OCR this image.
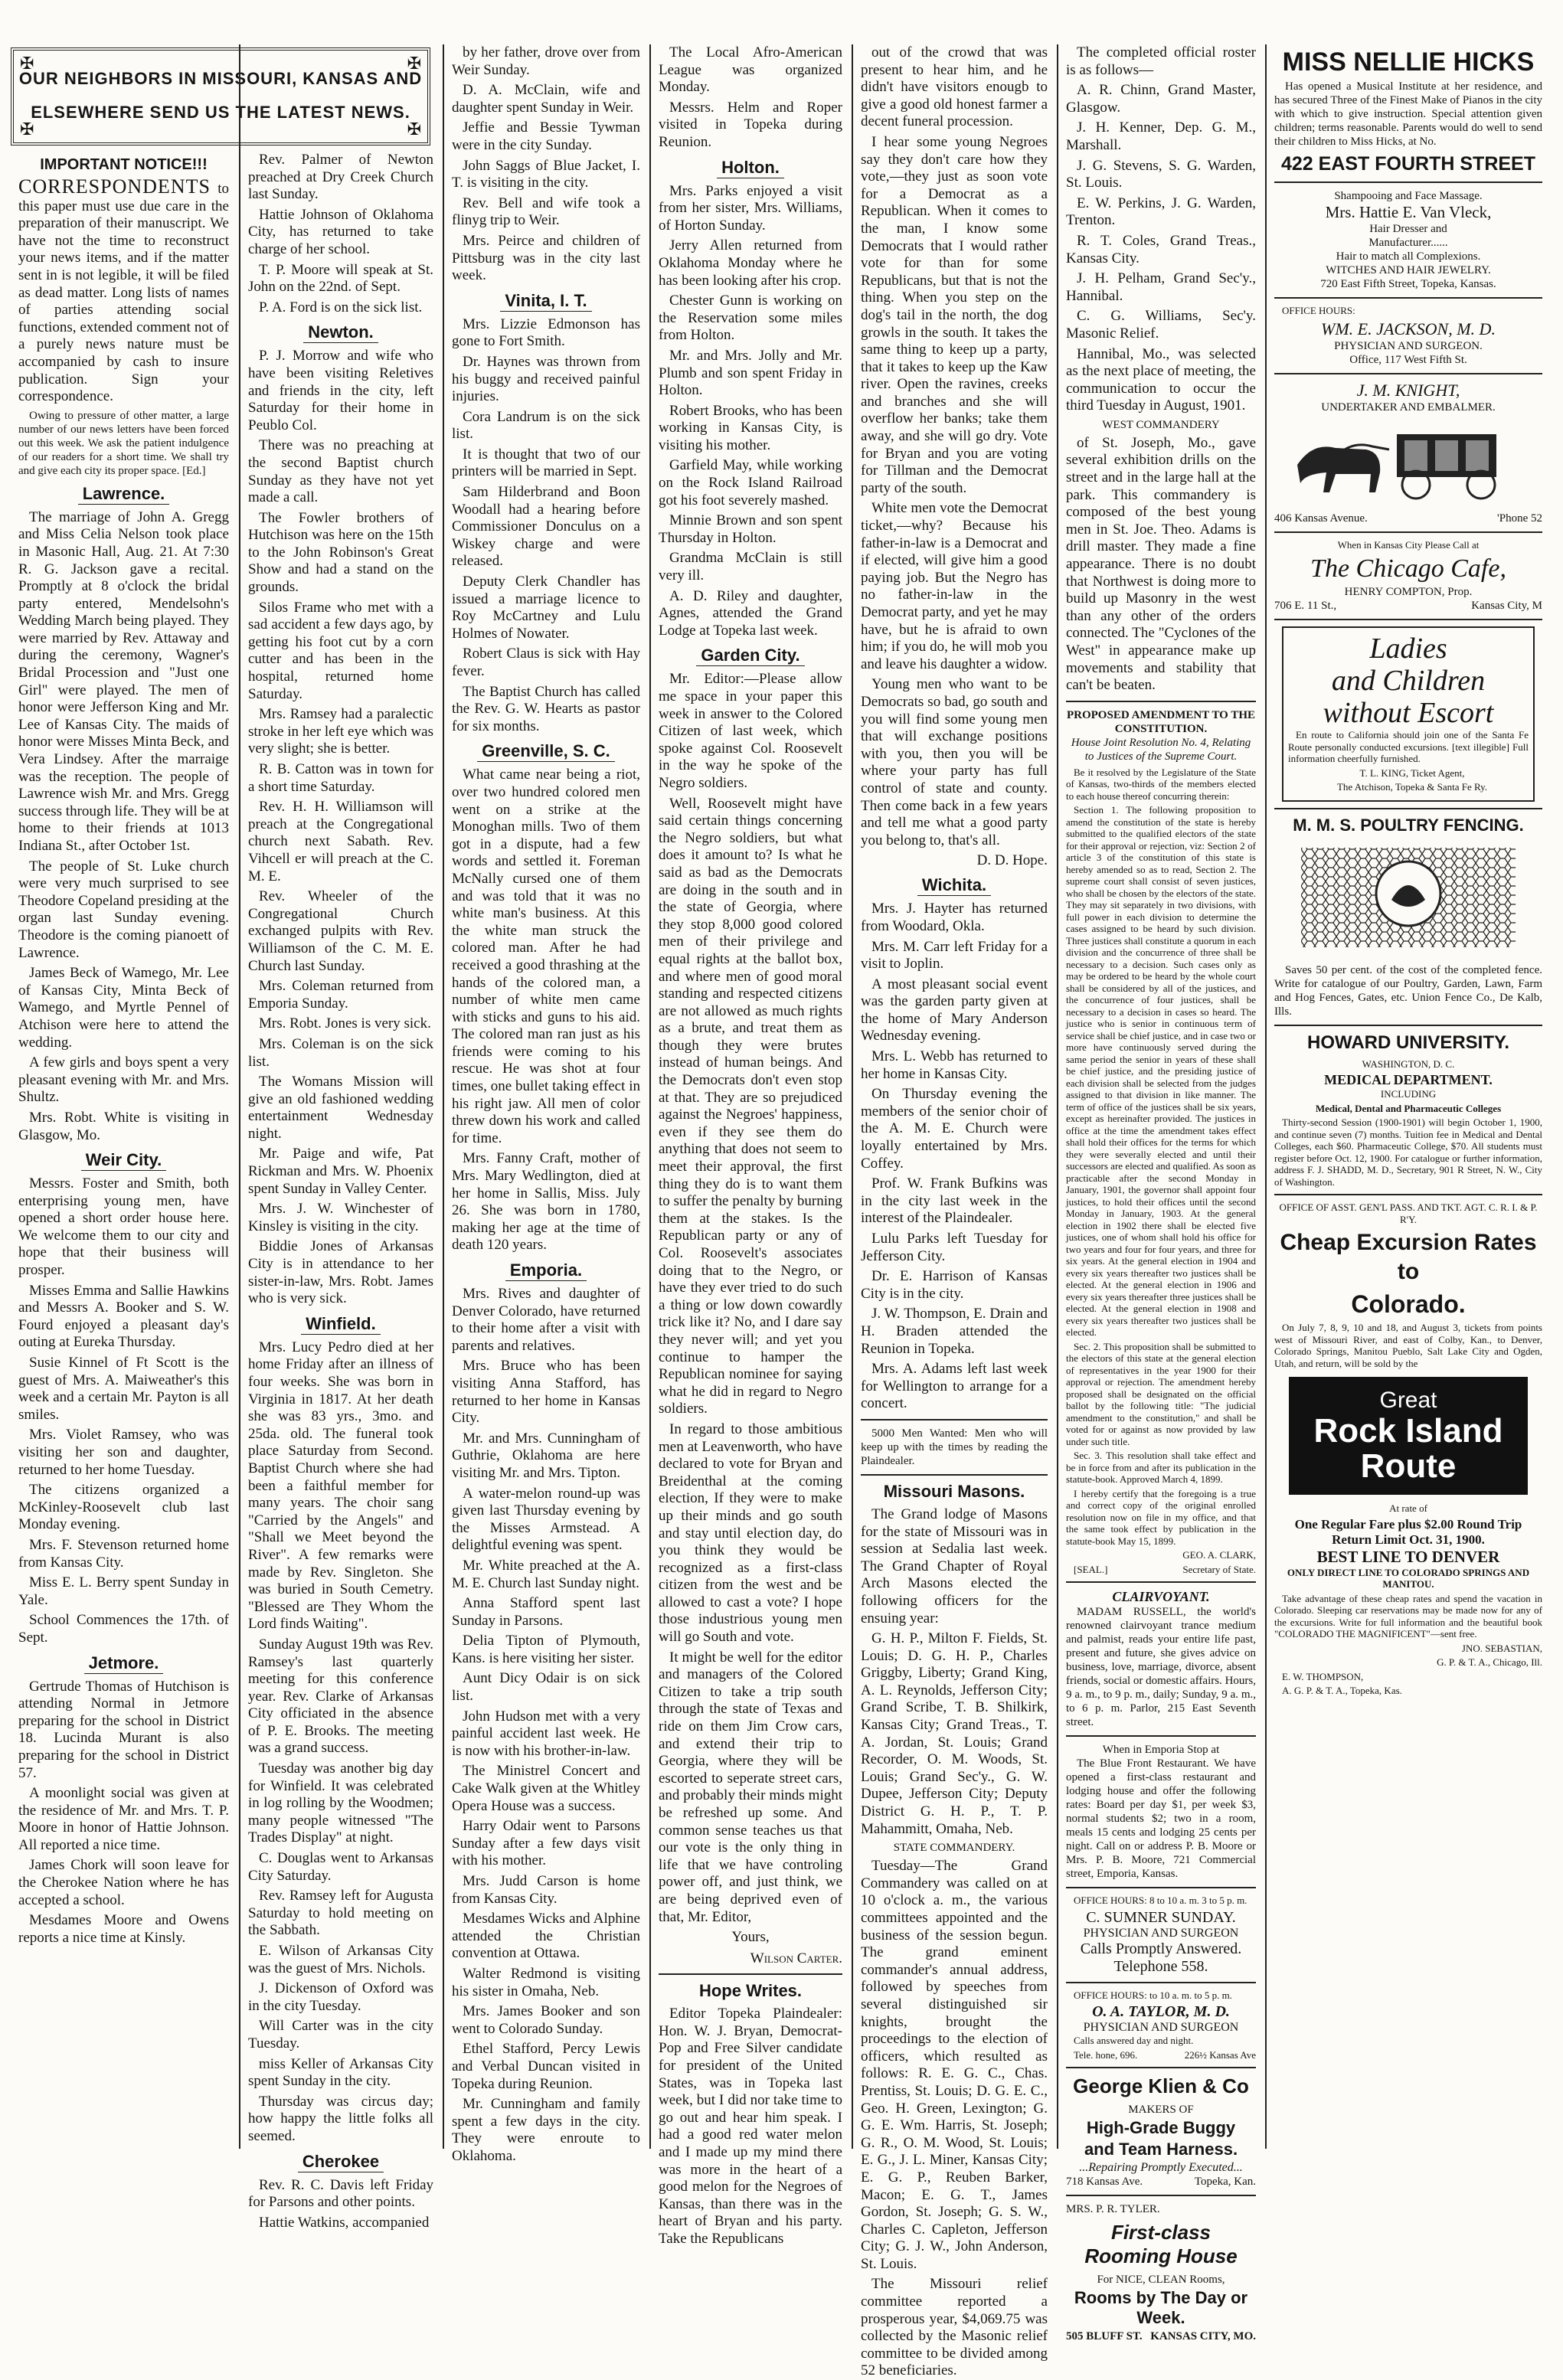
✠	✠
✠	✠
OUR NEIGHBORS IN MISSOURI, KANSAS AND
ELSEWHERE SEND US THE LATEST NEWS.
IMPORTANT NOTICE!!!

CORRESPONDENTS to this paper must use due care in the preparation of their manuscript. We have not the time to reconstruct your news items, and if the matter sent in is not legible, it will be filed as dead matter. Long lists of names of parties attending social functions, extended comment not of a purely news nature must be accompanied by cash to insure publication. Sign your correspondence.

Owing to pressure of other matter, a large number of our news letters have been forced out this week. We ask the patient indulgence of our readers for a short time. We shall try and give each city its proper space. [Ed.]

Lawrence.

The marriage of John A. Gregg and Miss Celia Nelson took place in Masonic Hall, Aug. 21. At 7:30 R. G. Jackson gave a recital. Promptly at 8 o'clock the bridal party entered, Mendelsohn's Wedding March being played. They were married by Rev. Attaway and during the ceremony, Wagner's Bridal Procession and "Just one Girl" were played. The men of honor were Jefferson King and Mr. Lee of Kansas City. The maids of honor were Misses Minta Beck, and Vera Lindsey. After the marraige was the reception. The people of Lawrence wish Mr. and Mrs. Gregg success through life. They will be at home to their friends at 1013 Indiana St., after October 1st.

The people of St. Luke church were very much surprised to see Theodore Copeland presiding at the organ last Sunday evening. Theodore is the coming pianoett of Lawrence.

James Beck of Wamego, Mr. Lee of Kansas City, Minta Beck of Wamego, and Myrtle Pennel of Atchison were here to attend the wedding.

A few girls and boys spent a very pleasant evening with Mr. and Mrs. Shultz.

Mrs. Robt. White is visiting in Glasgow, Mo.

Weir City.

Messrs. Foster and Smith, both enterprising young men, have opened a short order house here. We welcome them to our city and hope that their business will prosper.

Misses Emma and Sallie Hawkins and Messrs A. Booker and S. W. Fourd enjoyed a pleasant day's outing at Eureka Thursday.

Susie Kinnel of Ft Scott is the guest of Mrs. A. Maiweather's this week and a certain Mr. Payton is all smiles.

Mrs. Violet Ramsey, who was visiting her son and daughter, returned to her home Tuesday.

The citizens organized a McKinley-Roosevelt club last Monday evening.

Mrs. F. Stevenson returned home from Kansas City.

Miss E. L. Berry spent Sunday in Yale.

School Commences the 17th. of Sept.

Jetmore.

Gertrude Thomas of Hutchison is attending Normal in Jetmore preparing for the school in District 18. Lucinda Murant is also preparing for the school in District 57.

A moonlight social was given at the residence of Mr. and Mrs. T. P. Moore in honor of Hattie Johnson. All reported a nice time.

James Chork will soon leave for the Cherokee Nation where he has accepted a school.

Mesdames Moore and Owens reports a nice time at Kinsly.

Rev. Palmer of Newton preached at Dry Creek Church last Sunday.

Hattie Johnson of Oklahoma City, has returned to take charge of her school.

T. P. Moore will speak at St. John on the 22nd. of Sept.

P. A. Ford is on the sick list.

Newton.

P. J. Morrow and wife who have been visiting Reletives and friends in the city, left Saturday for their home in Peublo Col.

There was no preaching at the second Baptist church Sunday as they have not yet made a call.

The Fowler brothers of Hutchison was here on the 15th to the John Robinson's Great Show and had a stand on the grounds.

Silos Frame who met with a sad accident a few days ago, by getting his foot cut by a corn cutter and has been in the hospital, returned home Saturday.

Mrs. Ramsey had a paralectic stroke in her left eye which was very slight; she is better.

R. B. Catton was in town for a short time Saturday.

Rev. H. H. Williamson will preach at the Congregational church next Sabath. Rev. Vihcell er will preach at the C. M. E.

Rev. Wheeler of the Congregational Church exchanged pulpits with Rev. Williamson of the C. M. E. Church last Sunday.

Mrs. Coleman returned from Emporia Sunday.

Mrs. Robt. Jones is very sick.

Mrs. Coleman is on the sick list.

The Womans Mission will give an old fashioned wedding entertainment Wednesday night.

Mr. Paige and wife, Pat Rickman and Mrs. W. Phoenix spent Sunday in Valley Center.

Mrs. J. W. Winchester of Kinsley is visiting in the city.

Biddie Jones of Arkansas City is in attendance to her sister-in-law, Mrs. Robt. James who is very sick.

Winfield.

Mrs. Lucy Pedro died at her home Friday after an illness of four weeks. She was born in Virginia in 1817. At her death she was 83 yrs., 3mo. and 25da. old. The funeral took place Saturday from Second. Baptist Church where she had been a faithful member for many years. The choir sang "Carried by the Angels" and "Shall we Meet beyond the River". A few remarks were made by Rev. Singleton. She was buried in South Cemetry. "Blessed are They Whom the Lord finds Waiting".

Sunday August 19th was Rev. Ramsey's last quarterly meeting for this conference year. Rev. Clarke of Arkansas City officiated in the absence of P. E. Brooks. The meeting was a grand success.

Tuesday was another big day for Winfield. It was celebrated in log rolling by the Woodmen; many people witnessed "The Trades Display" at night.

C. Douglas went to Arkansas City Saturday.

Rev. Ramsey left for Augusta Saturday to hold meeting on the Sabbath.

E. Wilson of Arkansas City was the guest of Mrs. Nichols.

J. Dickenson of Oxford was in the city Tuesday.

Will Carter was in the city Tuesday.

miss Keller of Arkansas City spent Sunday in the city.

Thursday was circus day; how happy the little folks all seemed.

Cherokee

Rev. R. C. Davis left Friday for Parsons and other points.

Hattie Watkins, accompanied

by her father, drove over from Weir Sunday.

D. A. McClain, wife and daughter spent Sunday in Weir.

Jeffie and Bessie Tywman were in the city Sunday.

John Saggs of Blue Jacket, I. T. is visiting in the city.

Rev. Bell and wife took a flinyg trip to Weir.

Mrs. Peirce and children of Pittsburg was in the city last week.

Vinita, I. T.

Mrs. Lizzie Edmonson has gone to Fort Smith.

Dr. Haynes was thrown from his buggy and received painful injuries.

Cora Landrum is on the sick list.

It is thought that two of our printers will be married in Sept.

Sam Hilderbrand and Boon Woodall had a hearing before Commissioner Donculus on a Wiskey charge and were released.

Deputy Clerk Chandler has issued a marriage licence to Roy McCartney and Lulu Holmes of Nowater.

Robert Claus is sick with Hay fever.

The Baptist Church has called the Rev. G. W. Hearts as pastor for six months.

Greenville, S. C.

What came near being a riot, over two hundred colored men went on a strike at the Monoghan mills. Two of them got in a dispute, had a few words and settled it. Foreman McNally cursed one of them and was told that it was no white man's business. At this the white man struck the colored man. After he had received a good thrashing at the hands of the colored man, a number of white men came with sticks and guns to his aid. The colored man ran just as his friends were coming to his rescue. He was shot at four times, one bullet taking effect in his right jaw. All men of color threw down his work and called for time.

Mrs. Fanny Craft, mother of Mrs. Mary Wedlington, died at her home in Sallis, Miss. July 26. She was born in 1780, making her age at the time of death 120 years.

Emporia.

Mrs. Rives and daughter of Denver Colorado, have returned to their home after a visit with parents and relatives.

Mrs. Bruce who has been visiting Anna Stafford, has returned to her home in Kansas City.

Mr. and Mrs. Cunningham of Guthrie, Oklahoma are here visiting Mr. and Mrs. Tipton.

A water-melon round-up was given last Thursday evening by the Misses Armstead. A delightful evening was spent.

Mr. White preached at the A. M. E. Church last Sunday night.

Anna Stafford spent last Sunday in Parsons.

Delia Tipton of Plymouth, Kans. is here visiting her sister.

Aunt Dicy Odair is on sick list.

John Hudson met with a very painful accident last week. He is now with his brother-in-law.

The Ministrel Concert and Cake Walk given at the Whitley Opera House was a success.

Harry Odair went to Parsons Sunday after a few days visit with his mother.

Mrs. Judd Carson is home from Kansas City.

Mesdames Wicks and Alphine attended the Christian convention at Ottawa.

Walter Redmond is visiting his sister in Omaha, Neb.

Mrs. James Booker and son went to Colorado Sunday.

Ethel Stafford, Percy Lewis and Verbal Duncan visited in Topeka during Reunion.

Mr. Cunningham and family spent a few days in the city. They were enroute to Oklahoma.

The Local Afro-American League was organized Monday.

Messrs. Helm and Roper visited in Topeka during Reunion.

Holton.

Mrs. Parks enjoyed a visit from her sister, Mrs. Williams, of Horton Sunday.

Jerry Allen returned from Oklahoma Monday where he has been looking after his crop.

Chester Gunn is working on the Reservation some miles from Holton.

Mr. and Mrs. Jolly and Mr. Plumb and son spent Friday in Holton.

Robert Brooks, who has been working in Kansas City, is visiting his mother.

Garfield May, while working on the Rock Island Railroad got his foot severely mashed.

Minnie Brown and son spent Thursday in Holton.

Grandma McClain is still very ill.

A. D. Riley and daughter, Agnes, attended the Grand Lodge at Topeka last week.

Garden City.

Mr. Editor:—Please allow me space in your paper this week in answer to the Colored Citizen of last week, which spoke against Col. Roosevelt in the way he spoke of the Negro soldiers.

Well, Roosevelt might have said certain things concerning the Negro soldiers, but what does it amount to? Is what he said as bad as the Democrats are doing in the south and in the state of Georgia, where they stop 8,000 good colored men of their privilege and equal rights at the ballot box, and where men of good moral standing and respected citizens are not allowed as much rights as a brute, and treat them as though they were brutes instead of human beings. And the Democrats don't even stop at that. They are so prejudiced against the Negroes' happiness, even if they see them do anything that does not seem to meet their approval, the first thing they do is to want them to suffer the penalty by burning them at the stakes. Is the Republican party or any of Col. Roosevelt's associates doing that to the Negro, or have they ever tried to do such a thing or low down cowardly trick like it? No, and I dare say they never will; and yet you continue to hamper the Republican nominee for saying what he did in regard to Negro soldiers.

In regard to those ambitious men at Leavenworth, who have declared to vote for Bryan and Breidenthal at the coming election, If they were to make up their minds and go south and stay until election day, do you think they would be recognized as a first-class citizen from the west and be allowed to cast a vote? I hope those industrious young men will go South and vote.

It might be well for the editor and managers of the Colored Citizen to take a trip south through the state of Texas and ride on them Jim Crow cars, and extend their trip to Georgia, where they will be escorted to seperate street cars, and probably their minds might be refreshed up some. And common sense teaches us that our vote is the only thing in life that we have controling power off, and just think, we are being deprived even of that, Mr. Editor,

Yours,
Wilson Carter.
Hope Writes.

Editor Topeka Plaindealer: Hon. W. J. Bryan, Democrat-Pop and Free Silver candidate for president of the United States, was in Topeka last week, but I did nor take time to go out and hear him speak. I had a good red water melon and I made up my mind there was more in the heart of a good melon for the Negroes of Kansas, than there was in the heart of Bryan and his party. Take the Republicans

out of the crowd that was present to hear him, and he didn't have visitors enougb to give a good old honest farmer a decent funeral procession.

I hear some young Negroes say they don't care how they vote,—they just as soon vote for a Democrat as a Republican. When it comes to the man, I know some Democrats that I would rather vote for than for some Republicans, but that is not the thing. When you step on the dog's tail in the north, the dog growls in the south. It takes the same thing to keep up a party, that it takes to keep up the Kaw river. Open the ravines, creeks and branches and she will overflow her banks; take them away, and she will go dry. Vote for Bryan and you are voting for Tillman and the Democrat party of the south.

White men vote the Democrat ticket,—why? Because his father-in-law is a Democrat and if elected, will give him a good paying job. But the Negro has no father-in-law in the Democrat party, and yet he may have, but he is afraid to own him; if you do, he will mob you and leave his daughter a widow.

Young men who want to be Democrats so bad, go south and you will find some young men that will exchange positions with you, then you will be where your party has full control of state and county. Then come back in a few years and tell me what a good party you belong to, that's all.

D. D. Hope.
Wichita.

Mrs. J. Hayter has returned from Woodard, Okla.

Mrs. M. Carr left Friday for a visit to Joplin.

A most pleasant social event was the garden party given at the home of Mary Anderson Wednesday evening.

Mrs. L. Webb has returned to her home in Kansas City.

On Thursday evening the members of the senior choir of the A. M. E. Church were loyally entertained by Mrs. Coffey.

Prof. W. Frank Bufkins was in the city last week in the interest of the Plaindealer.

Lulu Parks left Tuesday for Jefferson City.

Dr. E. Harrison of Kansas City is in the city.

J. W. Thompson, E. Drain and H. Braden attended the Reunion in Topeka.

Mrs. A. Adams left last week for Wellington to arrange for a concert.

5000 Men Wanted: Men who will keep up with the times by reading the Plaindealer.

Missouri Masons.

The Grand lodge of Masons for the state of Missouri was in session at Sedalia last week. The Grand Chapter of Royal Arch Masons elected the following officers for the ensuing year:

G. H. P., Milton F. Fields, St. Louis; D. G. H. P., Charles Griggby, Liberty; Grand King, A. L. Reynolds, Jefferson City; Grand Scribe, T. B. Shilkirk, Kansas City; Grand Treas., T. A. Jordan, St. Louis; Grand Recorder, O. M. Woods, St. Louis; Grand Sec'y., G. W. Dupee, Jefferson City; Deputy District G. H. P., T. P. Mahammitt, Omaha, Neb.

STATE COMMANDERY.

Tuesday—The Grand Commandery was called on at 10 o'clock a. m., the various committees appointed and the business of the session begun. The grand eminent commander's annual address, followed by speeches from several distinguished sir knights, brought the proceedings to the election of officers, which resulted as follows: R. E. G. C., Chas. Prentiss, St. Louis; D. G. E. C., Geo. H. Green, Lexington; G. G. E. Wm. Harris, St. Joseph; G. R., O. M. Wood, St. Louis; E. G., J. L. Miner, Kansas City; E. G. P., Reuben Barker, Macon; E. G. T., James Gordon, St. Joseph; G. S. W., Charles C. Capleton, Jefferson City; G. J. W., John Anderson, St. Louis.

The Missouri relief committee reported a prosperous year, $4,069.75 was collected by the Masonic relief committee to be divided among 52 beneficiaries.

The completed official roster is as follows—

A. R. Chinn, Grand Master, Glasgow.

J. H. Kenner, Dep. G. M., Marshall.

J. G. Stevens, S. G. Warden, St. Louis.

E. W. Perkins, J. G. Warden, Trenton.

R. T. Coles, Grand Treas., Kansas City.

J. H. Pelham, Grand Sec'y., Hannibal.

C. G. Williams, Sec'y. Masonic Relief.

Hannibal, Mo., was selected as the next place of meeting, the communication to occur the third Tuesday in August, 1901.

WEST COMMANDERY

of St. Joseph, Mo., gave several exhibition drills on the street and in the large hall at the park. This commandery is composed of the best young men in St. Joe. Theo. Adams is drill master. They made a fine appearance. There is no doubt that Northwest is doing more to build up Masonry in the west than any other of the orders connected. The "Cyclones of the West" in appearance make up movements and stability that can't be beaten.

PROPOSED AMENDMENT TO THE CONSTITUTION.
House Joint Resolution No. 4, Relating to Justices of the Supreme Court.

Be it resolved by the Legislature of the State of Kansas, two-thirds of the members elected to each house thereof concurring therein:

Section 1. The following proposition to amend the constitution of the state is hereby submitted to the qualified electors of the state for their approval or rejection, viz: Section 2 of article 3 of the constitution of this state is hereby amended so as to read, Section 2. The supreme court shall consist of seven justices, who shall be chosen by the electors of the state. They may sit separately in two divisions, with full power in each division to determine the cases assigned to be heard by such division. Three justices shall constitute a quorum in each division and the concurrence of three shall be necessary to a decision. Such cases only as may be ordered to be heard by the whole court shall be considered by all of the justices, and the concurrence of four justices, shall be necessary to a decision in cases so heard. The justice who is senior in continuous term of service shall be chief justice, and in case two or more have continuously served during the same period the senior in years of these shall be chief justice, and the presiding justice of each division shall be selected from the judges assigned to that division in like manner. The term of office of the justices shall be six years, except as hereinafter provided. The justices in office at the time the amendment takes effect shall hold their offices for the terms for which they were severally elected and until their successors are elected and qualified. As soon as practicable after the second Monday in January, 1901, the governor shall appoint four justices, to hold their offices until the second Monday in January, 1903. At the general election in 1902 there shall be elected five justices, one of whom shall hold his office for two years and four for four years, and three for six years. At the general election in 1904 and every six years thereafter two justices shall be elected. At the general election in 1906 and every six years thereafter three justices shall be elected. At the general election in 1908 and every six years thereafter two justices shall be elected.

Sec. 2. This proposition shall be submitted to the electors of this state at the general election of representatives in the year 1900 for their approval or rejection. The amendment hereby proposed shall be designated on the official ballot by the following title: "The judicial amendment to the constitution," and shall be voted for or against as now provided by law under such title.

Sec. 3. This resolution shall take effect and be in force from and after its publication in the statute-book. Approved March 4, 1899.

I hereby certify that the foregoing is a true and correct copy of the original enrolled resolution now on file in my office, and that the same took effect by publication in the statute-book May 15, 1899.

GEO. A. CLARK,
[SEAL.]	Secretary of State.
CLAIRVOYANT.

MADAM RUSSELL, the world's renowned clairvoyant trance medium and palmist, reads your entire life past, present and future, she gives advice on business, love, marriage, divorce, absent friends, social or domestic affairs. Hours, 9 a. m., to 9 p. m., daily; Sunday, 9 a. m., to 6 p. m. Parlor, 215 East Seventh street.

When in Emporia Stop at

The Blue Front Restaurant. We have opened a first-class restaurant and lodging house and offer the following rates: Board per day $1, per week $3, normal students $2; two in a room, meals 15 cents and lodging 25 cents per night. Call on or address P. B. Moore or Mrs. P. B. Moore, 721 Commercial street, Emporia, Kansas.

OFFICE HOURS: 8 to 10 a. m. 3 to 5 p. m.
C. SUMNER SUNDAY.
PHYSICIAN AND SURGEON
Calls Promptly Answered.
Telephone 558.
OFFICE HOURS: to 10 a. m. to 5 p. m.
O. A. TAYLOR, M. D.
PHYSICIAN AND SURGEON
Calls answered day and night.
Tele. hone, 696.	226½ Kansas Ave
George Klien & Co
MAKERS OF
High-Grade Buggy
and Team Harness.
...Repairing Promptly Executed...
718 Kansas Ave.	Topeka, Kan.
MRS. P. R. TYLER.
First-class Rooming House
For NICE, CLEAN Rooms,
Rooms by The Day or Week.
505 BLUFF ST. KANSAS CITY, MO.
MISS NELLIE HICKS

Has opened a Musical Institute at her residence, and has secured Three of the Finest Make of Pianos in the city with which to give instruction. Special attention given children; terms reasonable. Parents would do well to send their children to Miss Hicks, at No.

422 EAST FOURTH STREET
Shampooing and Face Massage.
Mrs. Hattie E. Van Vleck,
Hair Dresser and
Manufacturer......
Hair to match all Complexions.
WITCHES AND HAIR JEWELRY.
720 East Fifth Street, Topeka, Kansas.
OFFICE HOURS:
WM. E. JACKSON, M. D.
PHYSICIAN AND SURGEON.
Office, 117 West Fifth St.
J. M. KNIGHT,
UNDERTAKER AND EMBALMER.
406 Kansas Avenue.	'Phone 52
When in Kansas City Please Call at
The Chicago Cafe,
HENRY COMPTON, Prop.
706 E. 11 St.,	Kansas City, M
Ladies
and Children
without Escort

En route to California should join one of the Santa Fe Route personally conducted excursions. [text illegible] Full information cheerfully furnished.

T. L. KING, Ticket Agent,
The Atchison, Topeka & Santa Fe Ry.
M. M. S. POULTRY FENCING.

Saves 50 per cent. of the cost of the completed fence. Write for catalogue of our Poultry, Garden, Lawn, Farm and Hog Fences, Gates, etc. Union Fence Co., De Kalb, Ills.

HOWARD UNIVERSITY.
WASHINGTON, D. C.
MEDICAL DEPARTMENT.
INCLUDING
Medical, Dental and Pharmaceutic Colleges

Thirty-second Session (1900-1901) will begin October 1, 1900, and continue seven (7) months. Tuition fee in Medical and Dental Colleges, each $60. Pharmaceutic College, $70. All students must register before Oct. 12, 1900. For catalogue or further information, address F. J. SHADD, M. D., Secretary, 901 R Street, N. W., City of Washington.

OFFICE OF ASST. GEN'L PASS. AND TKT. AGT. C. R. I. & P. R'Y.
Cheap Excursion Rates to
Colorado.

On July 7, 8, 9, 10 and 18, and August 3, tickets from points west of Missouri River, and east of Colby, Kan., to Denver, Colorado Springs, Manitou Pueblo, Salt Lake City and Ogden, Utah, and return, will be sold by the

Great
Rock Island
Route
At rate of
One Regular Fare plus $2.00 Round Trip
Return Limit Oct. 31, 1900.
BEST LINE TO DENVER
ONLY DIRECT LINE TO COLORADO SPRINGS AND MANITOU.

Take advantage of these cheap rates and spend the vacation in Colorado. Sleeping car reservations may be made now for any of the excursions. Write for full information and the beautiful book "COLORADO THE MAGNIFICENT"—sent free.

JNO. SEBASTIAN,
G. P. & T. A., Chicago, Ill.
E. W. THOMPSON,
A. G. P. & T. A., Topeka, Kas.
